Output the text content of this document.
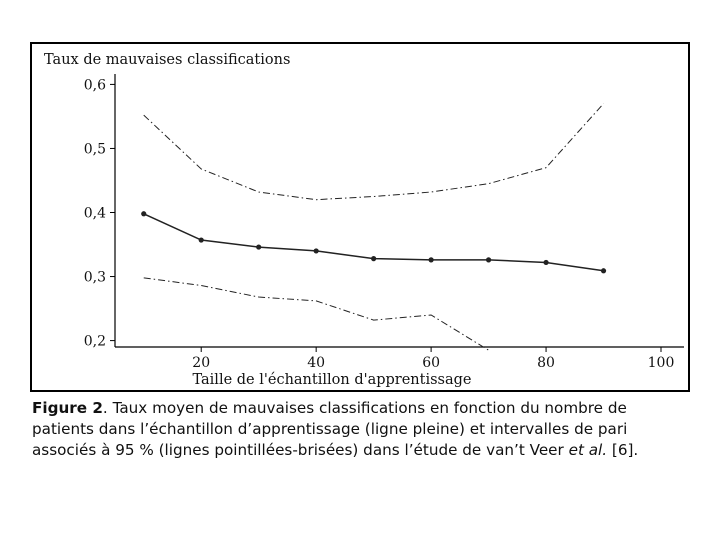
Taux de mauvaises classifications
Taille de l'échantillon d'apprentissage
0,2
0,3
0,4
0,5
0,6
20	40	60	80	100
Figure 2. Taux moyen de mauvaises classifications en fonction du nombre de patients dans l’échantillon d’apprentissage (ligne pleine) et intervalles de pari associés à 95 % (lignes pointillées-brisées) dans l’étude de van’t Veer et al. [6].
